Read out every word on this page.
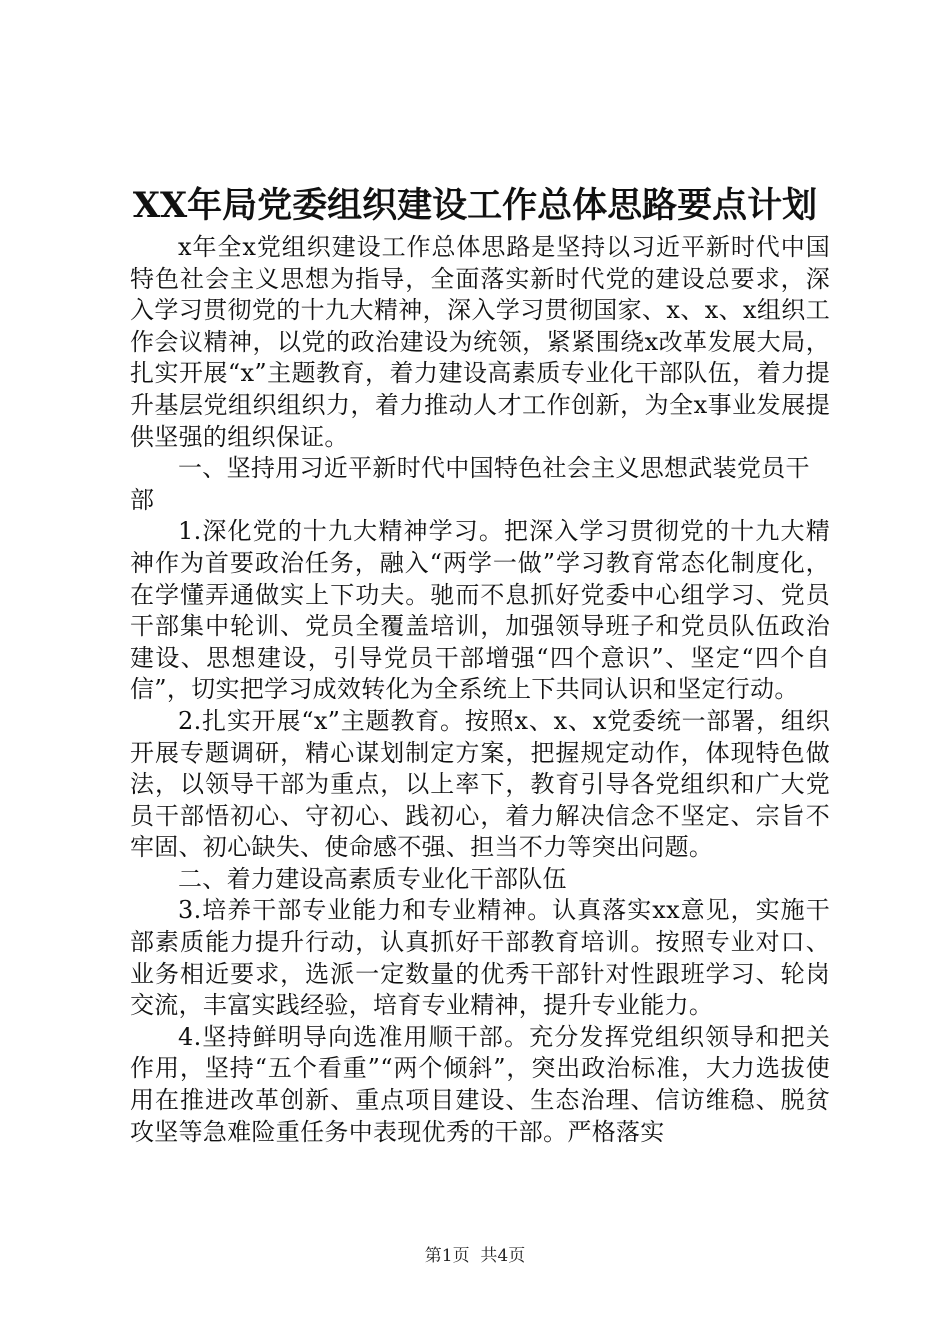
XX年局党委组织建设工作总体思路要点计划

x年全x党组织建设工作总体思路是坚持以习近平新时代中国特色社会主义思想为指导，全面落实新时代党的建设总要求，深入学习贯彻党的十九大精神，深入学习贯彻国家、x、x、x组织工作会议精神，以党的政治建设为统领，紧紧围绕x改革发展大局，扎实开展“x”主题教育，着力建设高素质专业化干部队伍，着力提升基层党组织组织力，着力推动人才工作创新，为全x事业发展提供坚强的组织保证。

一、坚持用习近平新时代中国特色社会主义思想武装党员干部

1.深化党的十九大精神学习。把深入学习贯彻党的十九大精神作为首要政治任务，融入“两学一做”学习教育常态化制度化，在学懂弄通做实上下功夫。驰而不息抓好党委中心组学习、党员干部集中轮训、党员全覆盖培训，加强领导班子和党员队伍政治建设、思想建设，引导党员干部增强“四个意识”、坚定“四个自信”，切实把学习成效转化为全系统上下共同认识和坚定行动。

2.扎实开展“x”主题教育。按照x、x、x党委统一部署，组织开展专题调研，精心谋划制定方案，把握规定动作，体现特色做法，以领导干部为重点，以上率下，教育引导各党组织和广大党员干部悟初心、守初心、践初心，着力解决信念不坚定、宗旨不牢固、初心缺失、使命感不强、担当不力等突出问题。

二、着力建设高素质专业化干部队伍

3.培养干部专业能力和专业精神。认真落实xx意见，实施干部素质能力提升行动，认真抓好干部教育培训。按照专业对口、业务相近要求，选派一定数量的优秀干部针对性跟班学习、轮岗交流，丰富实践经验，培育专业精神，提升专业能力。

4.坚持鲜明导向选准用顺干部。充分发挥党组织领导和把关作用，坚持“五个看重”“两个倾斜”，突出政治标准，大力选拔使用在推进改革创新、重点项目建设、生态治理、信访维稳、脱贫攻坚等急难险重任务中表现优秀的干部。严格落实

第1页  共4页
